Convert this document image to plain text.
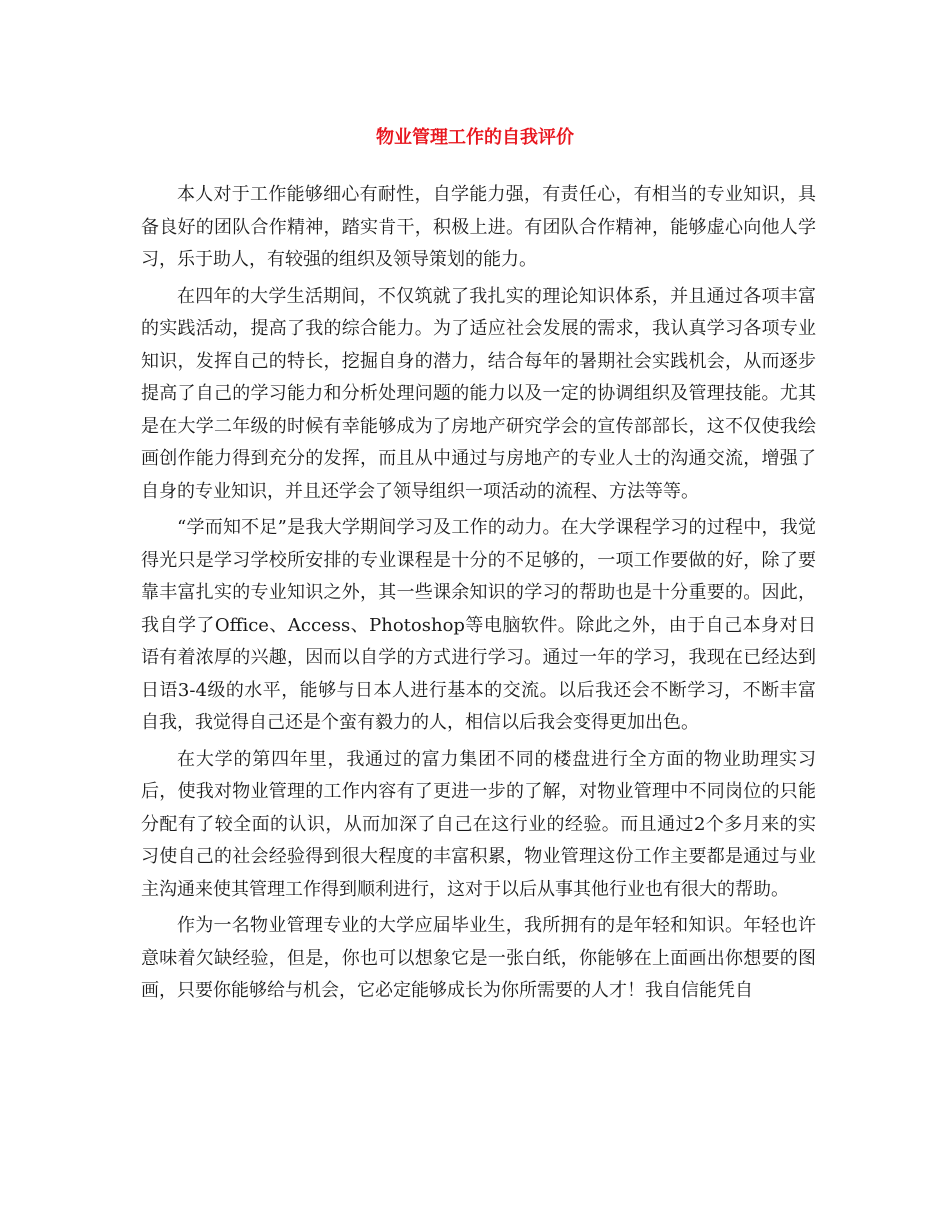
物业管理工作的自我评价

本人对于工作能够细心有耐性，自学能力强，有责任心，有相当的专业知识，具备良好的团队合作精神，踏实肯干，积极上进。有团队合作精神，能够虚心向他人学习，乐于助人，有较强的组织及领导策划的能力。

在四年的大学生活期间，不仅筑就了我扎实的理论知识体系，并且通过各项丰富的实践活动，提高了我的综合能力。为了适应社会发展的需求，我认真学习各项专业知识，发挥自己的特长，挖掘自身的潜力，结合每年的暑期社会实践机会，从而逐步提高了自己的学习能力和分析处理问题的能力以及一定的协调组织及管理技能。尤其是在大学二年级的时候有幸能够成为了房地产研究学会的宣传部部长，这不仅使我绘画创作能力得到充分的发挥，而且从中通过与房地产的专业人士的沟通交流，增强了自身的专业知识，并且还学会了领导组织一项活动的流程、方法等等。

“学而知不足”是我大学期间学习及工作的动力。在大学课程学习的过程中，我觉得光只是学习学校所安排的专业课程是十分的不足够的，一项工作要做的好，除了要靠丰富扎实的专业知识之外，其一些课余知识的学习的帮助也是十分重要的。因此，我自学了Office、Access、Photoshop等电脑软件。除此之外，由于自己本身对日语有着浓厚的兴趣，因而以自学的方式进行学习。通过一年的学习，我现在已经达到日语3-4级的水平，能够与日本人进行基本的交流。以后我还会不断学习，不断丰富自我，我觉得自己还是个蛮有毅力的人，相信以后我会变得更加出色。

在大学的第四年里，我通过的富力集团不同的楼盘进行全方面的物业助理实习后，使我对物业管理的工作内容有了更进一步的了解，对物业管理中不同岗位的只能分配有了较全面的认识，从而加深了自己在这行业的经验。而且通过2个多月来的实习使自己的社会经验得到很大程度的丰富积累，物业管理这份工作主要都是通过与业主沟通来使其管理工作得到顺利进行，这对于以后从事其他行业也有很大的帮助。

作为一名物业管理专业的大学应届毕业生，我所拥有的是年轻和知识。年轻也许意味着欠缺经验，但是，你也可以想象它是一张白纸，你能够在上面画出你想要的图画，只要你能够给与机会，它必定能够成长为你所需要的人才！我自信能凭自
